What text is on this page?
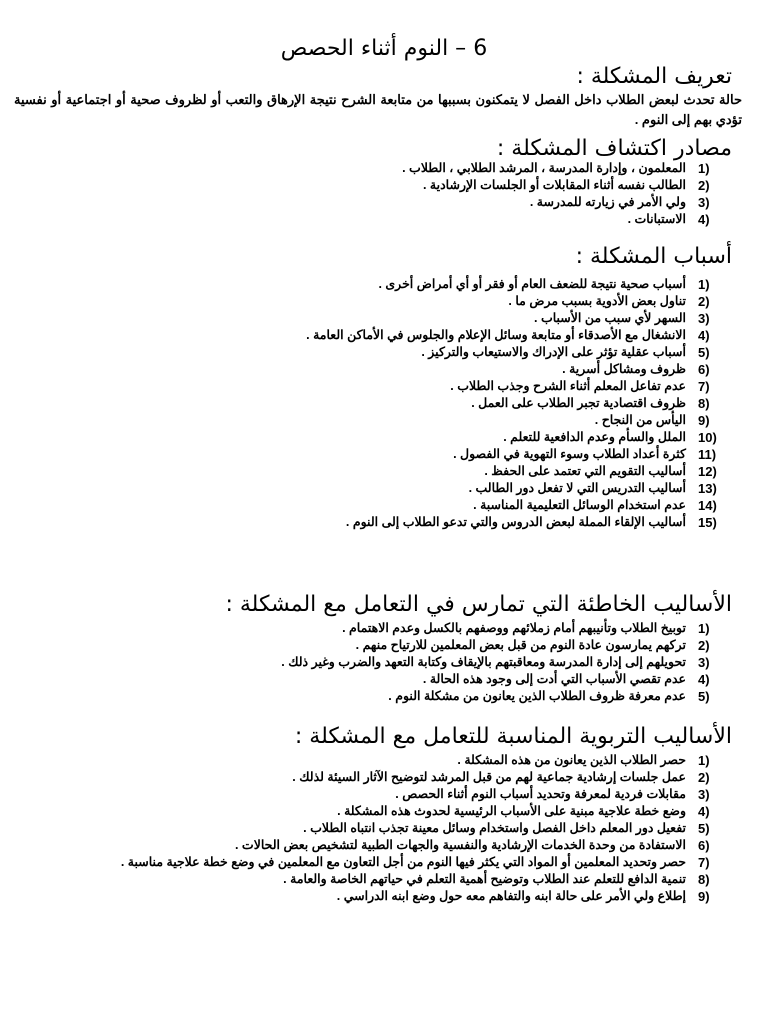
6 – النوم أثناء الحصص
تعريف المشكلة :

حالة تحدث لبعض الطلاب داخل الفصل لا يتمكنون بسببها من متابعة الشرح نتيجة الإرهاق والتعب أو لظروف صحية أو اجتماعية أو نفسية تؤدي بهم إلى النوم .

مصادر اكتشاف المشكلة :
1)
المعلمون ، وإدارة المدرسة ، المرشد الطلابي ، الطلاب .
2)
الطالب نفسه أثناء المقابلات أو الجلسات الإرشادية .
3)
ولي الأمر في زيارته للمدرسة .
4)
الاستبانات .
أسباب المشكلة :
1)
أسباب صحية نتيجة للضعف العام أو فقر أو أي أمراض أخرى .
2)
تناول بعض الأدوية بسبب مرض ما .
3)
السهر لأي سبب من الأسباب .
4)
الانشغال مع الأصدقاء أو متابعة وسائل الإعلام والجلوس في الأماكن العامة .
5)
أسباب عقلية تؤثر على الإدراك والاستيعاب والتركيز .
6)
ظروف ومشاكل أسرية .
7)
عدم تفاعل المعلم أثناء الشرح وجذب الطلاب .
8)
ظروف اقتصادية تجبر الطلاب على العمل .
9)
اليأس من النجاح .
10)
الملل والسأم وعدم الدافعية للتعلم .
11)
كثرة أعداد الطلاب وسوء التهوية في الفصول .
12)
أساليب التقويم التي تعتمد على الحفظ .
13)
أساليب التدريس التي لا تفعل دور الطالب .
14)
عدم استخدام الوسائل التعليمية المناسبة .
15)
أساليب الإلقاء المملة لبعض الدروس والتي تدعو الطلاب إلى النوم .
الأساليب الخاطئة التي تمارس في التعامل مع المشكلة :
1)
توبيخ الطلاب وتأنيبهم أمام زملائهم ووصفهم بالكسل وعدم الاهتمام .
2)
تركهم يمارسون عادة النوم من قبل بعض المعلمين للارتياح منهم .
3)
تحويلهم إلى إدارة المدرسة ومعاقبتهم بالإيقاف وكتابة التعهد والضرب وغير ذلك .
4)
عدم تقصي الأسباب التي أدت إلى وجود هذه الحالة .
5)
عدم معرفة ظروف الطلاب الذين يعانون من مشكلة النوم .
الأساليب التربوية المناسبة للتعامل مع المشكلة :
1)
حصر الطلاب الذين يعانون من هذه المشكلة .
2)
عمل جلسات إرشادية جماعية لهم من قبل المرشد لتوضيح الآثار السيئة لذلك .
3)
مقابلات فردية لمعرفة وتحديد أسباب النوم أثناء الحصص .
4)
وضع خطة علاجية مبنية على الأسباب الرئيسية لحدوث هذه المشكلة .
5)
تفعيل دور المعلم داخل الفصل واستخدام وسائل معينة تجذب انتباه الطلاب .
6)
الاستفادة من وحدة الخدمات الإرشادية والنفسية والجهات الطبية لتشخيص بعض الحالات .
7)
حصر وتحديد المعلمين أو المواد التي يكثر فيها النوم من أجل التعاون مع المعلمين في وضع خطة علاجية مناسبة .
8)
تنمية الدافع للتعلم عند الطلاب وتوضيح أهمية التعلم في حياتهم الخاصة والعامة .
9)
إطلاع ولي الأمر على حالة ابنه والتفاهم معه حول وضع ابنه الدراسي .
